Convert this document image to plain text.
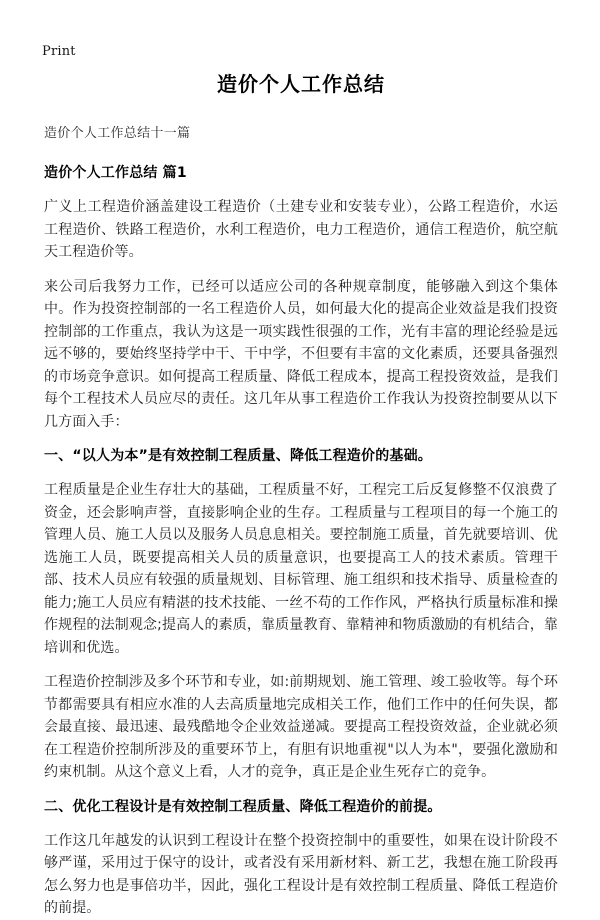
Print
造价个人工作总结
造价个人工作总结十一篇
造价个人工作总结 篇1

广义上工程造价涵盖建设工程造价（土建专业和安装专业），公路工程造价，水运工程造价、铁路工程造价，水利工程造价，电力工程造价，通信工程造价，航空航天工程造价等。

来公司后我努力工作，已经可以适应公司的各种规章制度，能够融入到这个集体中。作为投资控制部的一名工程造价人员，如何最大化的提高企业效益是我们投资控制部的工作重点，我认为这是一项实践性很强的工作，光有丰富的理论经验是远远不够的，要始终坚持学中干、干中学，不但要有丰富的文化素质，还要具备强烈的市场竞争意识。如何提高工程质量、降低工程成本，提高工程投资效益，是我们每个工程技术人员应尽的责任。这几年从事工程造价工作我认为投资控制要从以下几方面入手：

一、“以人为本”是有效控制工程质量、降低工程造价的基础。

工程质量是企业生存壮大的基础，工程质量不好，工程完工后反复修整不仅浪费了资金，还会影响声誉，直接影响企业的生存。工程质量与工程项目的每一个施工的管理人员、施工人员以及服务人员息息相关。要控制施工质量，首先就要培训、优选施工人员，既要提高相关人员的质量意识，也要提高工人的技术素质。管理干部、技术人员应有较强的质量规划、目标管理、施工组织和技术指导、质量检查的能力;施工人员应有精湛的技术技能、一丝不苟的工作作风，严格执行质量标准和操作规程的法制观念;提高人的素质，靠质量教育、靠精神和物质激励的有机结合，靠培训和优选。

工程造价控制涉及多个环节和专业，如:前期规划、施工管理、竣工验收等。每个环节都需要具有相应水准的人去高质量地完成相关工作，他们工作中的任何失误，都会最直接、最迅速、最残酷地令企业效益递减。要提高工程投资效益，企业就必须在工程造价控制所涉及的重要环节上，有胆有识地重视"以人为本"，要强化激励和约束机制。从这个意义上看，人才的竞争，真正是企业生死存亡的竞争。

二、优化工程设计是有效控制工程质量、降低工程造价的前提。

工作这几年越发的认识到工程设计在整个投资控制中的重要性，如果在设计阶段不够严谨，采用过于保守的设计，或者没有采用新材料、新工艺，我想在施工阶段再怎么努力也是事倍功半，因此，强化工程设计是有效控制工程质量、降低工程造价的前提。
